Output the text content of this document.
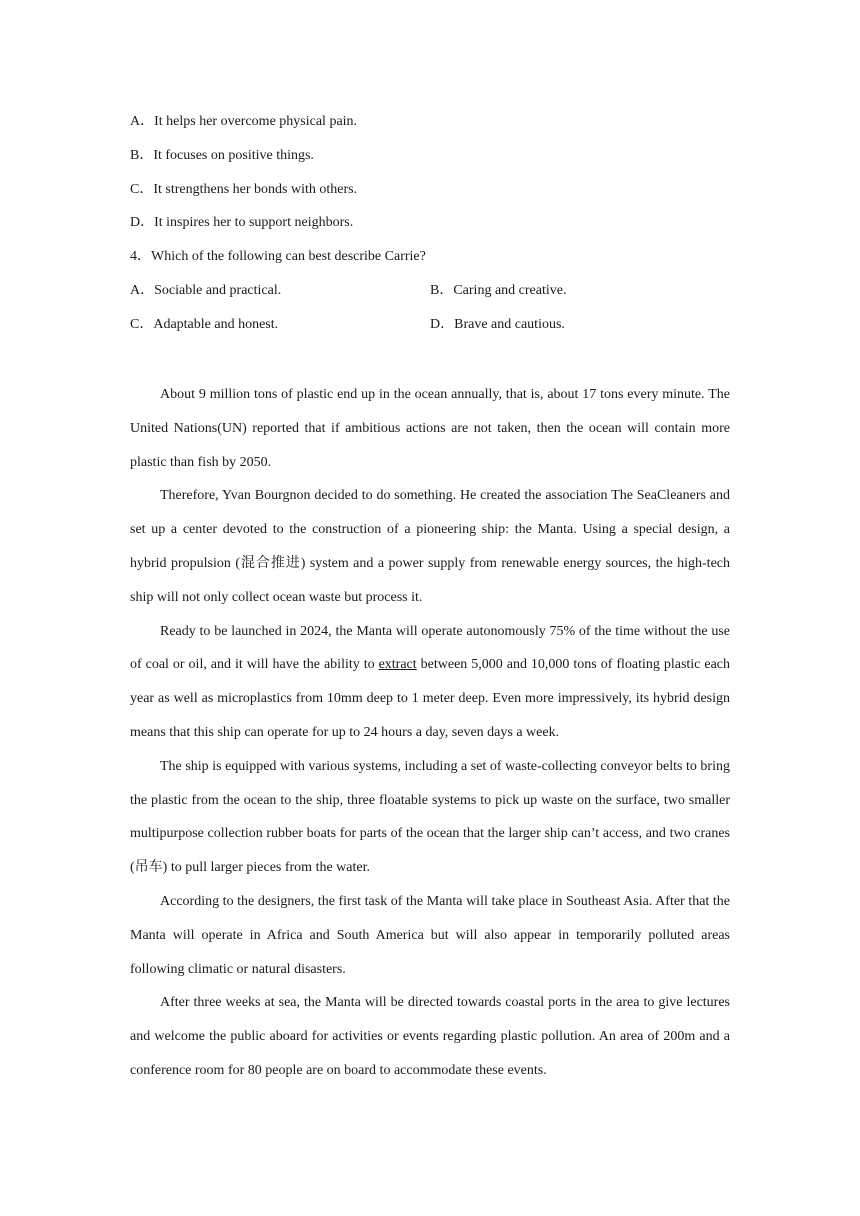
A．It helps her overcome physical pain.
B．It focuses on positive things.
C．It strengthens her bonds with others.
D．It inspires her to support neighbors.
4．Which of the following can best describe Carrie?
A．Sociable and practical.	B．Caring and creative.
C．Adaptable and honest.	D．Brave and cautious.

About 9 million tons of plastic end up in the ocean annually, that is, about 17 tons every minute. The United Nations(UN) reported that if ambitious actions are not taken, then the ocean will contain more plastic than fish by 2050.

Therefore, Yvan Bourgnon decided to do something. He created the association The SeaCleaners and set up a center devoted to the construction of a pioneering ship: the Manta. Using a special design, a hybrid propulsion (混合推进) system and a power supply from renewable energy sources, the high-tech ship will not only collect ocean waste but process it.

Ready to be launched in 2024, the Manta will operate autonomously 75% of the time without the use of coal or oil, and it will have the ability to extract between 5,000 and 10,000 tons of floating plastic each year as well as microplastics from 10mm deep to 1 meter deep. Even more impressively, its hybrid design means that this ship can operate for up to 24 hours a day, seven days a week.

The ship is equipped with various systems, including a set of waste-collecting conveyor belts to bring the plastic from the ocean to the ship, three floatable systems to pick up waste on the surface, two smaller multipurpose collection rubber boats for parts of the ocean that the larger ship can’t access, and two cranes (吊车) to pull larger pieces from the water.

According to the designers, the first task of the Manta will take place in Southeast Asia. After that the Manta will operate in Africa and South America but will also appear in temporarily polluted areas following climatic or natural disasters.

After three weeks at sea, the Manta will be directed towards coastal ports in the area to give lectures and welcome the public aboard for activities or events regarding plastic pollution. An area of 200m and a conference room for 80 people are on board to accommodate these events.
